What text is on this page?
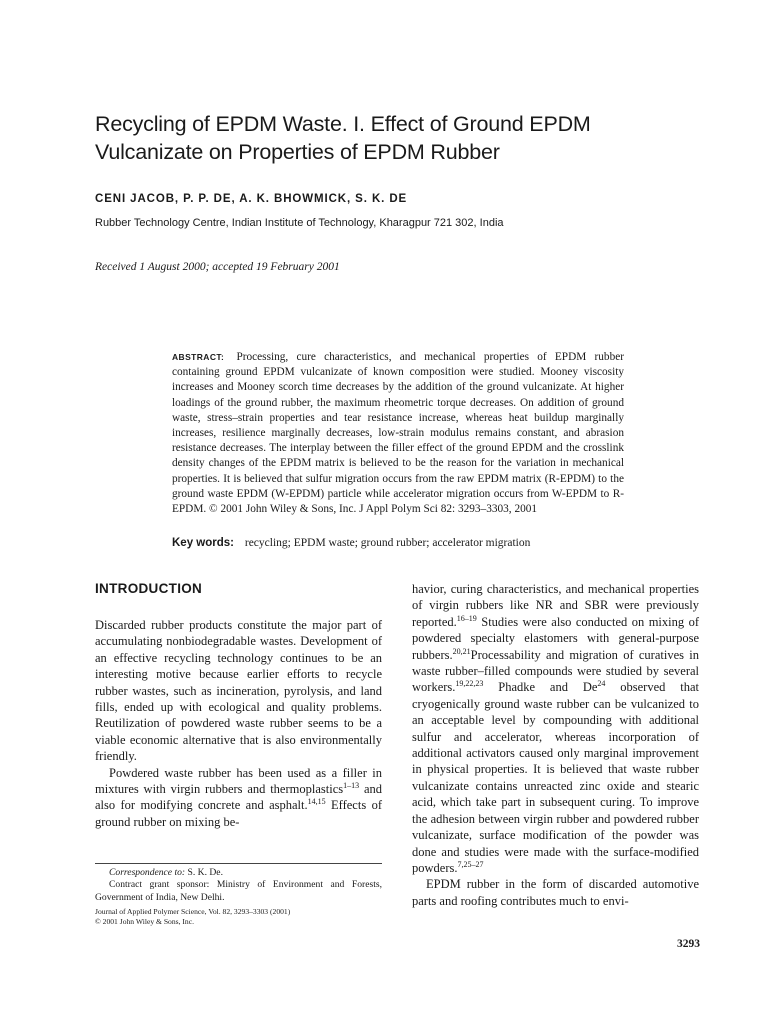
Recycling of EPDM Waste. I. Effect of Ground EPDM
Vulcanizate on Properties of EPDM Rubber
CENI JACOB, P. P. DE, A. K. BHOWMICK, S. K. DE
Rubber Technology Centre, Indian Institute of Technology, Kharagpur 721 302, India
Received 1 August 2000; accepted 19 February 2001
ABSTRACT: Processing, cure characteristics, and mechanical properties of EPDM rubber containing ground EPDM vulcanizate of known composition were studied. Mooney viscosity increases and Mooney scorch time decreases by the addition of the ground vulcanizate. At higher loadings of the ground rubber, the maximum rheometric torque decreases. On addition of ground waste, stress–strain properties and tear resistance increase, whereas heat buildup marginally increases, resilience marginally decreases, low-strain modulus remains constant, and abrasion resistance decreases. The interplay between the filler effect of the ground EPDM and the crosslink density changes of the EPDM matrix is believed to be the reason for the variation in mechanical properties. It is believed that sulfur migration occurs from the raw EPDM matrix (R-EPDM) to the ground waste EPDM (W-EPDM) particle while accelerator migration occurs from W-EPDM to R-EPDM. © 2001 John Wiley & Sons, Inc. J Appl Polym Sci 82: 3293–3303, 2001
Key words: recycling; EPDM waste; ground rubber; accelerator migration
INTRODUCTION

Discarded rubber products constitute the major part of accumulating nonbiodegradable wastes. Development of an effective recycling technology continues to be an interesting motive because earlier efforts to recycle rubber wastes, such as incineration, pyrolysis, and land fills, ended up with ecological and quality problems. Reutilization of powdered waste rubber seems to be a viable economic alternative that is also environmentally friendly.

Powdered waste rubber has been used as a filler in mixtures with virgin rubbers and thermoplastics$^{1-13}$ and also for modifying concrete and asphalt.$^{14,15}$ Effects of ground rubber on mixing be-

Correspondence to: S. K. De.

Contract grant sponsor: Ministry of Environment and Forests, Government of India, New Delhi.

Journal of Applied Polymer Science, Vol. 82, 3293–3303 (2001)
© 2001 John Wiley & Sons, Inc.

havior, curing characteristics, and mechanical properties of virgin rubbers like NR and SBR were previously reported.$^{16-19}$ Studies were also conducted on mixing of powdered specialty elastomers with general-purpose rubbers.$^{20,21}$Processability and migration of curatives in waste rubber–filled compounds were studied by several workers.$^{19,22,23}$ Phadke and De$^{24}$ observed that cryogenically ground waste rubber can be vulcanized to an acceptable level by compounding with additional sulfur and accelerator, whereas incorporation of additional activators caused only marginal improvement in physical properties. It is believed that waste rubber vulcanizate contains unreacted zinc oxide and stearic acid, which take part in subsequent curing. To improve the adhesion between virgin rubber and powdered rubber vulcanizate, surface modification of the powder was done and studies were made with the surface-modified powders.$^{7,25-27}$

EPDM rubber in the form of discarded automotive parts and roofing contributes much to envi-

3293
